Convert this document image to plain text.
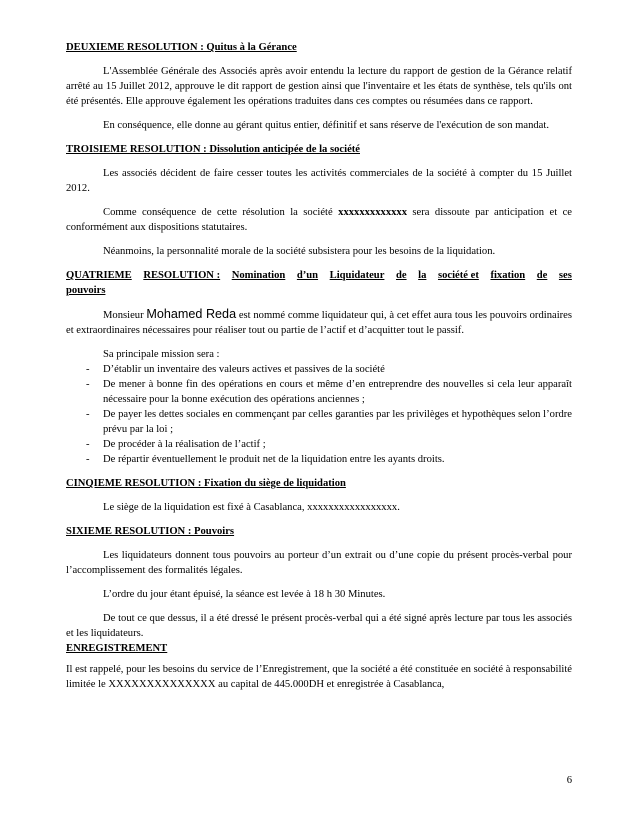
DEUXIEME RESOLUTION : Quitus à la Gérance

L'Assemblée Générale des Associés après avoir entendu la lecture du rapport de gestion de la Gérance relatif arrêté au 15 Juillet 2012, approuve le dit rapport de gestion ainsi que l'inventaire et les états de synthèse, tels qu'ils ont été présentés. Elle approuve également les opérations traduites dans ces comptes ou résumées dans ce rapport.

En conséquence, elle donne au gérant quitus entier, définitif et sans réserve de l'exécution de son mandat.

TROISIEME RESOLUTION : Dissolution anticipée de la société

Les associés décident de faire cesser toutes les activités commerciales de la société à compter du 15 Juillet 2012.

Comme conséquence de cette résolution la société xxxxxxxxxxxxx sera dissoute par anticipation et ce conformément aux dispositions statutaires.

Néanmoins, la personnalité morale de la société subsistera pour les besoins de la liquidation.

QUATRIEME RESOLUTION : Nomination d’un Liquidateur de la société et fixation de ses

pouvoirs

Monsieur Mohamed Reda est nommé comme liquidateur qui, à cet effet aura tous les pouvoirs ordinaires et extraordinaires nécessaires pour réaliser tout ou partie de l’actif et d’acquitter tout le passif.

Sa principale mission sera :

- D’établir un inventaire des valeurs actives et passives de la société
- De mener à bonne fin des opérations en cours et même d’en entreprendre des nouvelles si cela leur apparaît nécessaire pour la bonne exécution des opérations anciennes ;
- De payer les dettes sociales en commençant par celles garanties par les privilèges et hypothèques selon l’ordre prévu par la loi ;
- De procéder à la réalisation de l’actif ;
- De répartir éventuellement le produit net de la liquidation entre les ayants droits.

CINQIEME RESOLUTION : Fixation du siège de liquidation

Le siège de la liquidation est fixé à Casablanca, xxxxxxxxxxxxxxxxx.

SIXIEME RESOLUTION : Pouvoirs

Les liquidateurs donnent tous pouvoirs au porteur d’un extrait ou d’une copie du présent procès-verbal pour l’accomplissement des formalités légales.

L’ordre du jour étant épuisé, la séance est levée à 18 h 30 Minutes.

De tout ce que dessus, il a été dressé le présent procès-verbal qui a été signé après lecture par tous les associés et les liquidateurs.

ENREGISTREMENT

Il est rappelé, pour les besoins du service de l’Enregistrement, que la société a été constituée en société à responsabilité limitée le XXXXXXXXXXXXXX au capital de 445.000DH et enregistrée à Casablanca,

6
